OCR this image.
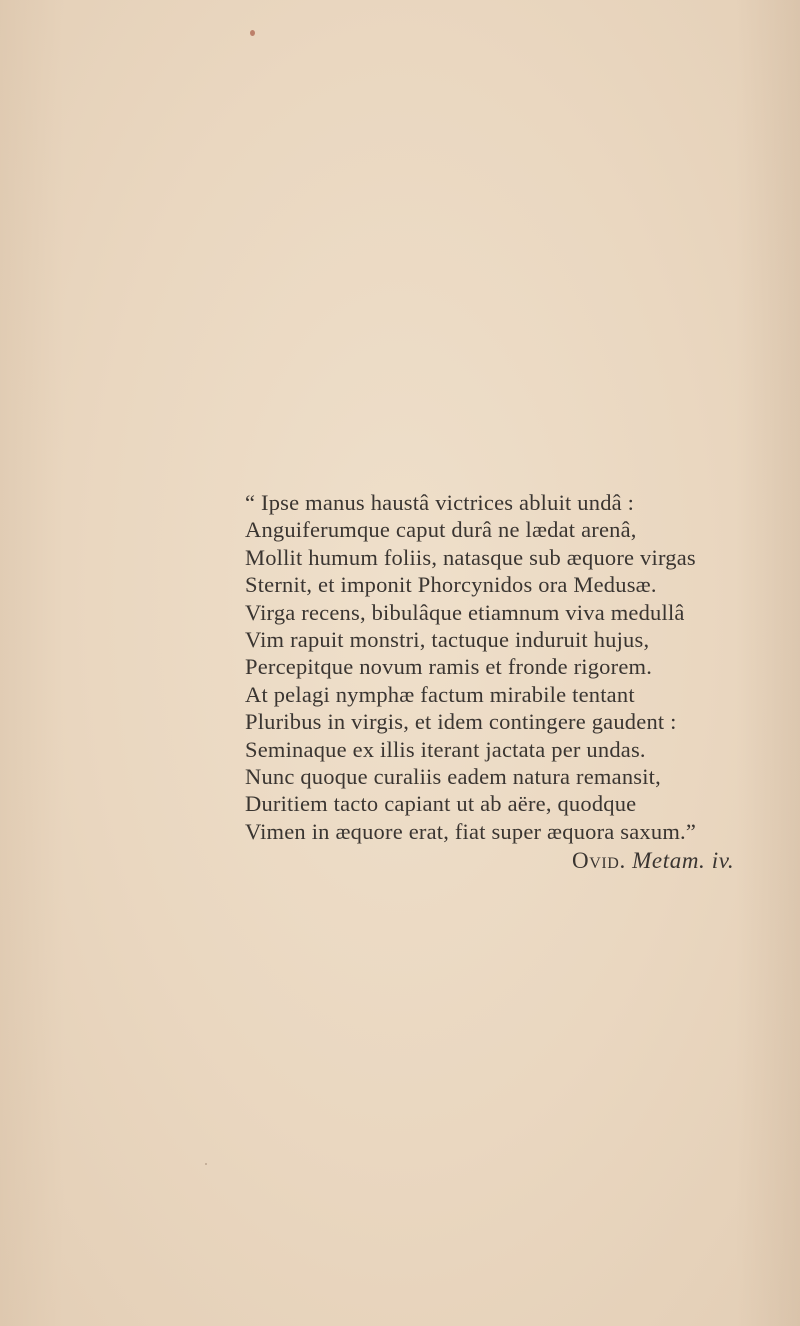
“ Ipse manus haustâ victrices abluit undâ :
Anguiferumque caput durâ ne lædat arenâ,
Mollit humum foliis, natasque sub æquore virgas
Sternit, et imponit Phorcynidos ora Medusæ.
Virga recens, bibulâque etiamnum viva medullâ
Vim rapuit monstri, tactuque induruit hujus,
Percepitque novum ramis et fronde rigorem.
At pelagi nymphæ factum mirabile tentant
Pluribus in virgis, et idem contingere gaudent :
Seminaque ex illis iterant jactata per undas.
Nunc quoque curaliis eadem natura remansit,
Duritiem tacto capiant ut ab aëre, quodque
Vimen in æquore erat, fiat super æquora saxum.”
Ovid. Metam. iv.
